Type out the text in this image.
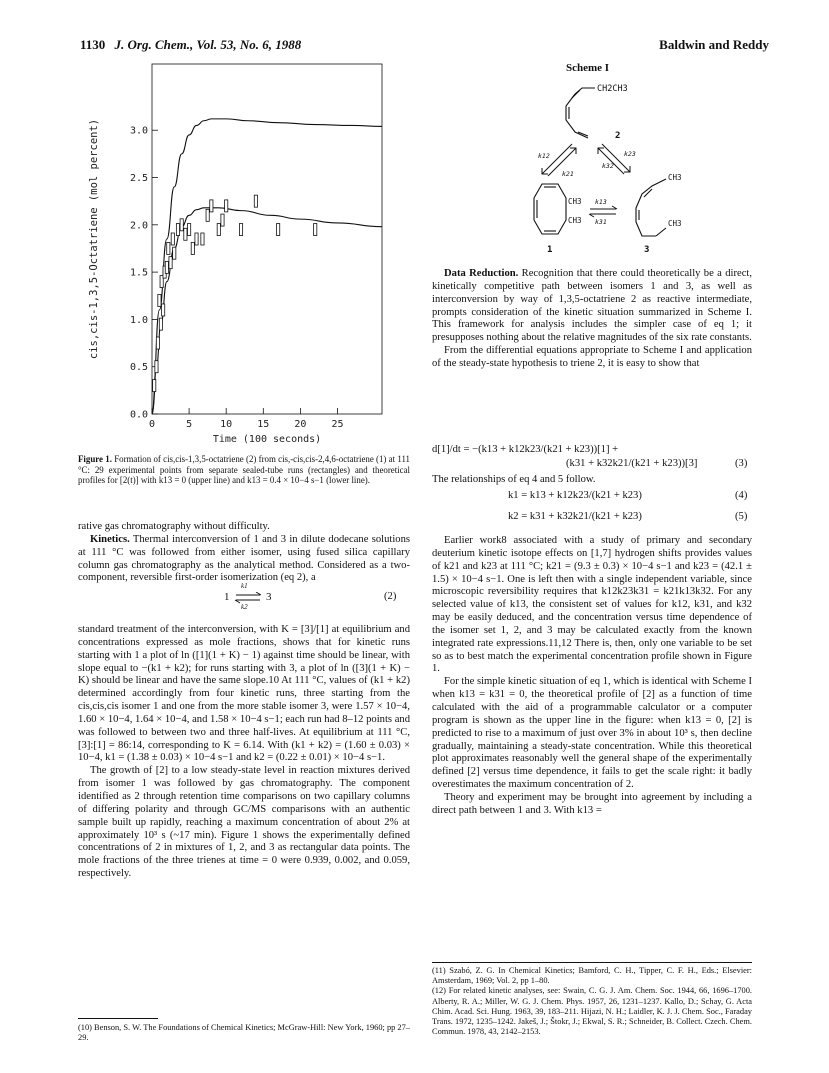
1130 J. Org. Chem., Vol. 53, No. 6, 1988	Baldwin and Reddy
0.0
0.5
1.0
1.5
2.0
2.5
3.0
0	5	10	15	20	25
cis,cis-1,3,5-Octatriene (mol percent)
Time (100 seconds)
Figure 1. Formation of cis,cis-1,3,5-octatriene (2) from cis,-cis,cis-2,4,6-octatriene (1) at 111 °C: 29 experimental points from separate sealed-tube runs (rectangles) and theoretical profiles for [2(t)] with k13 = 0 (upper line) and k13 = 0.4 × 10−4 s−1 (lower line).

rative gas chromatography without difficulty.

Kinetics. Thermal interconversion of 1 and 3 in dilute dodecane solutions at 111 °C was followed from either isomer, using fused silica capillary column gas chromatography as the analytical method. Considered as a two-component, reversible first-order isomerization (eq 2), a

1
k1
k2
3	(2)

standard treatment of the interconversion, with K = [3]/[1] at equilibrium and concentrations expressed as mole fractions, shows that for kinetic runs starting with 1 a plot of ln ([1](1 + K) − 1) against time should be linear, with slope equal to −(k1 + k2); for runs starting with 3, a plot of ln ([3](1 + K) − K) should be linear and have the same slope.10 At 111 °C, values of (k1 + k2) determined accordingly from four kinetic runs, three starting from the cis,cis,cis isomer 1 and one from the more stable isomer 3, were 1.57 × 10−4, 1.60 × 10−4, 1.64 × 10−4, and 1.58 × 10−4 s−1; each run had 8–12 points and was followed to between two and three half-lives. At equilibrium at 111 °C, [3]:[1] = 86:14, corresponding to K = 6.14. With (k1 + k2) = (1.60 ± 0.03) × 10−4, k1 = (1.38 ± 0.03) × 10−4 s−1 and k2 = (0.22 ± 0.01) × 10−4 s−1.

The growth of [2] to a low steady-state level in reaction mixtures derived from isomer 1 was followed by gas chromatography. The component identified as 2 through retention time comparisons on two capillary columns of differing polarity and through GC/MS comparisons with an authentic sample built up rapidly, reaching a maximum concentration of about 2% at approximately 10³ s (~17 min). Figure 1 shows the experimentally defined concentrations of 2 in mixtures of 1, 2, and 3 as rectangular data points. The mole fractions of the three trienes at time = 0 were 0.939, 0.002, and 0.059, respectively.

(10) Benson, S. W. The Foundations of Chemical Kinetics; McGraw-Hill: New York, 1960; pp 27–29.
Scheme I
CH2CH3
2
k12
k21
k23
k32
CH3
CH3
1
k13
k31
CH3
CH3
3

Data Reduction. Recognition that there could theoretically be a direct, kinetically competitive path between isomers 1 and 3, as well as interconversion by way of 1,3,5-octatriene 2 as reactive intermediate, prompts consideration of the kinetic situation summarized in Scheme I. This framework for analysis includes the simpler case of eq 1; it presupposes nothing about the relative magnitudes of the six rate constants.

From the differential equations appropriate to Scheme I and application of the steady-state hypothesis to triene 2, it is easy to show that

d[1]/dt = −(k13 + k12k23/(k21 + k23))[1] +
(k31 + k32k21/(k21 + k23))[3]	(3)

The relationships of eq 4 and 5 follow.

k1 = k13 + k12k23/(k21 + k23)	(4)
k2 = k31 + k32k21/(k21 + k23)	(5)

Earlier work8 associated with a study of primary and secondary deuterium kinetic isotope effects on [1,7] hydrogen shifts provides values of k21 and k23 at 111 °C; k21 = (9.3 ± 0.3) × 10−4 s−1 and k23 = (42.1 ± 1.5) × 10−4 s−1. One is left then with a single independent variable, since microscopic reversibility requires that k12k23k31 = k21k13k32. For any selected value of k13, the consistent set of values for k12, k31, and k32 may be easily deduced, and the concentration versus time dependence of the isomer set 1, 2, and 3 may be calculated exactly from the known integrated rate expressions.11,12 There is, then, only one variable to be set so as to best match the experimental concentration profile shown in Figure 1.

For the simple kinetic situation of eq 1, which is identical with Scheme I when k13 = k31 = 0, the theoretical profile of [2] as a function of time calculated with the aid of a programmable calculator or a computer program is shown as the upper line in the figure: when k13 = 0, [2] is predicted to rise to a maximum of just over 3% in about 10³ s, then decline gradually, maintaining a steady-state concentration. While this theoretical plot approximates reasonably well the general shape of the experimentally defined [2] versus time dependence, it fails to get the scale right: it badly overestimates the maximum concentration of 2.

Theory and experiment may be brought into agreement by including a direct path between 1 and 3. With k13 =

(11) Szabó, Z. G. In Chemical Kinetics; Bamford, C. H., Tipper, C. F. H., Eds.; Elsevier: Amsterdam, 1969; Vol. 2, pp 1–80.
(12) For related kinetic analyses, see: Swain, C. G. J. Am. Chem. Soc. 1944, 66, 1696–1700. Alberty, R. A.; Miller, W. G. J. Chem. Phys. 1957, 26, 1231–1237. Kallo, D.; Schay, G. Acta Chim. Acad. Sci. Hung. 1963, 39, 183–211. Hijazi, N. H.; Laidler, K. J. J. Chem. Soc., Faraday Trans. 1972, 1235–1242. Jakeš, J.; Štokr, J.; Ekwal, S. R.; Schneider, B. Collect. Czech. Chem. Commun. 1978, 43, 2142–2153.
